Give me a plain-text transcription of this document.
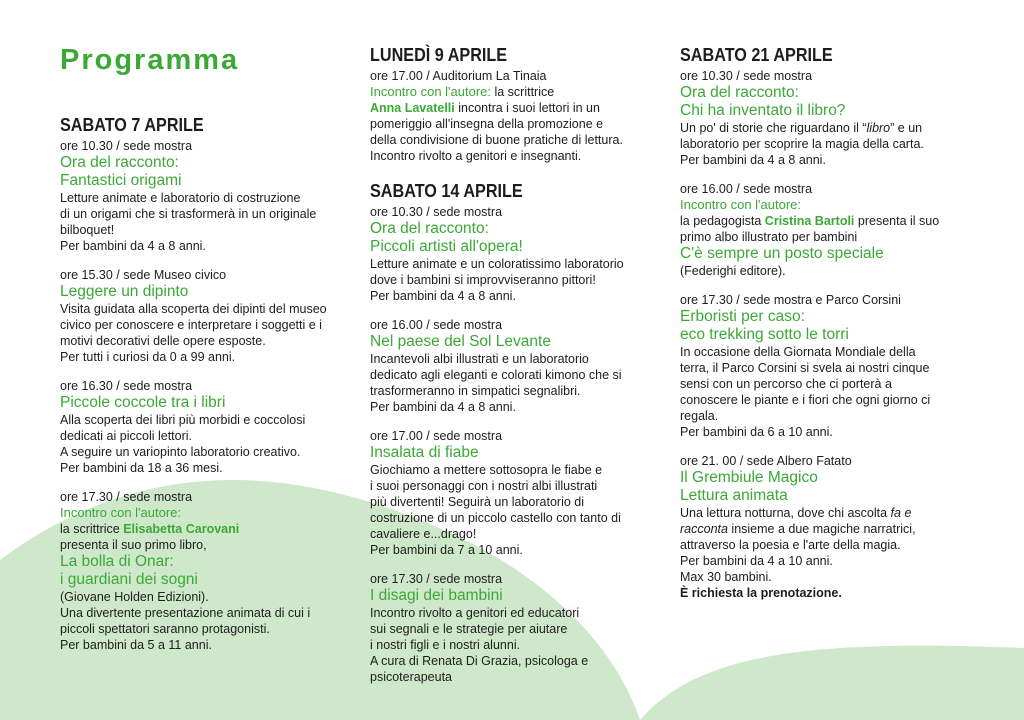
Programma
SABATO 7 APRILE
ore 10.30 / sede mostra
Ora del racconto:
Fantastici origami
Letture animate e laboratorio di costruzione
di un origami che si trasformerà in un originale
bilboquet!
Per bambini da 4 a 8 anni.
ore 15.30 / sede Museo civico
Leggere un dipinto
Visita guidata alla scoperta dei dipinti del museo
civico per conoscere e interpretare i soggetti e i
motivi decorativi delle opere esposte.
Per tutti i curiosi da 0 a 99 anni.
ore 16.30 / sede mostra
Piccole coccole tra i libri
Alla scoperta dei libri più morbidi e coccolosi
dedicati ai piccoli lettori.
A seguire un variopinto laboratorio creativo.
Per bambini da 18 a 36 mesi.
ore 17.30 / sede mostra
Incontro con l'autore:
la scrittrice Elisabetta Carovani
presenta il suo primo libro,
La bolla di Onar:
i guardiani dei sogni
(Giovane Holden Edizioni).
Una divertente presentazione animata di cui i
piccoli spettatori saranno protagonisti.
Per bambini da 5 a 11 anni.
LUNEDÌ 9 APRILE
ore 17.00 / Auditorium La Tinaia
Incontro con l'autore: la scrittrice
Anna Lavatelli incontra i suoi lettori in un
pomeriggio all'insegna della promozione e
della condivisione di buone pratiche di lettura.
Incontro rivolto a genitori e insegnanti.
SABATO 14 APRILE
ore 10.30 / sede mostra
Ora del racconto:
Piccoli artisti all'opera!
Letture animate e un coloratissimo laboratorio
dove i bambini si improvviseranno pittori!
Per bambini da 4 a 8 anni.
ore 16.00 / sede mostra
Nel paese del Sol Levante
Incantevoli albi illustrati e un laboratorio
dedicato agli eleganti e colorati kimono che si
trasformeranno in simpatici segnalibri.
Per bambini da 4 a 8 anni.
ore 17.00 / sede mostra
Insalata di fiabe
Giochiamo a mettere sottosopra le fiabe e
i suoi personaggi con i nostri albi illustrati
più divertenti! Seguirà un laboratorio di
costruzione di un piccolo castello con tanto di
cavaliere e...drago!
Per bambini da 7 a 10 anni.
ore 17.30 / sede mostra
I disagi dei bambini
Incontro rivolto a genitori ed educatori
sui segnali e le strategie per aiutare
i nostri figli e i nostri alunni.
A cura di Renata Di Grazia, psicologa e
psicoterapeuta
SABATO 21 APRILE
ore 10.30 / sede mostra
Ora del racconto:
Chi ha inventato il libro?
Un po' di storie che riguardano il “libro” e un
laboratorio per scoprire la magia della carta.
Per bambini da 4 a 8 anni.
ore 16.00 / sede mostra
Incontro con l'autore:
la pedagogista Cristina Bartoli presenta il suo
primo albo illustrato per bambini
C'è sempre un posto speciale
(Federighi editore).
ore 17.30 / sede mostra e Parco Corsini
Erboristi per caso:
eco trekking sotto le torri
In occasione della Giornata Mondiale della
terra, il Parco Corsini si svela ai nostri cinque
sensi con un percorso che ci porterà a
conoscere le piante e i fiori che ogni giorno ci
regala.
Per bambini da 6 a 10 anni.
ore 21. 00 / sede Albero Fatato
Il Grembiule Magico
Lettura animata
Una lettura notturna, dove chi ascolta fa e
racconta insieme a due magiche narratrici,
attraverso la poesia e l'arte della magia.
Per bambini da 4 a 10 anni.
Max 30 bambini.
È richiesta la prenotazione.
